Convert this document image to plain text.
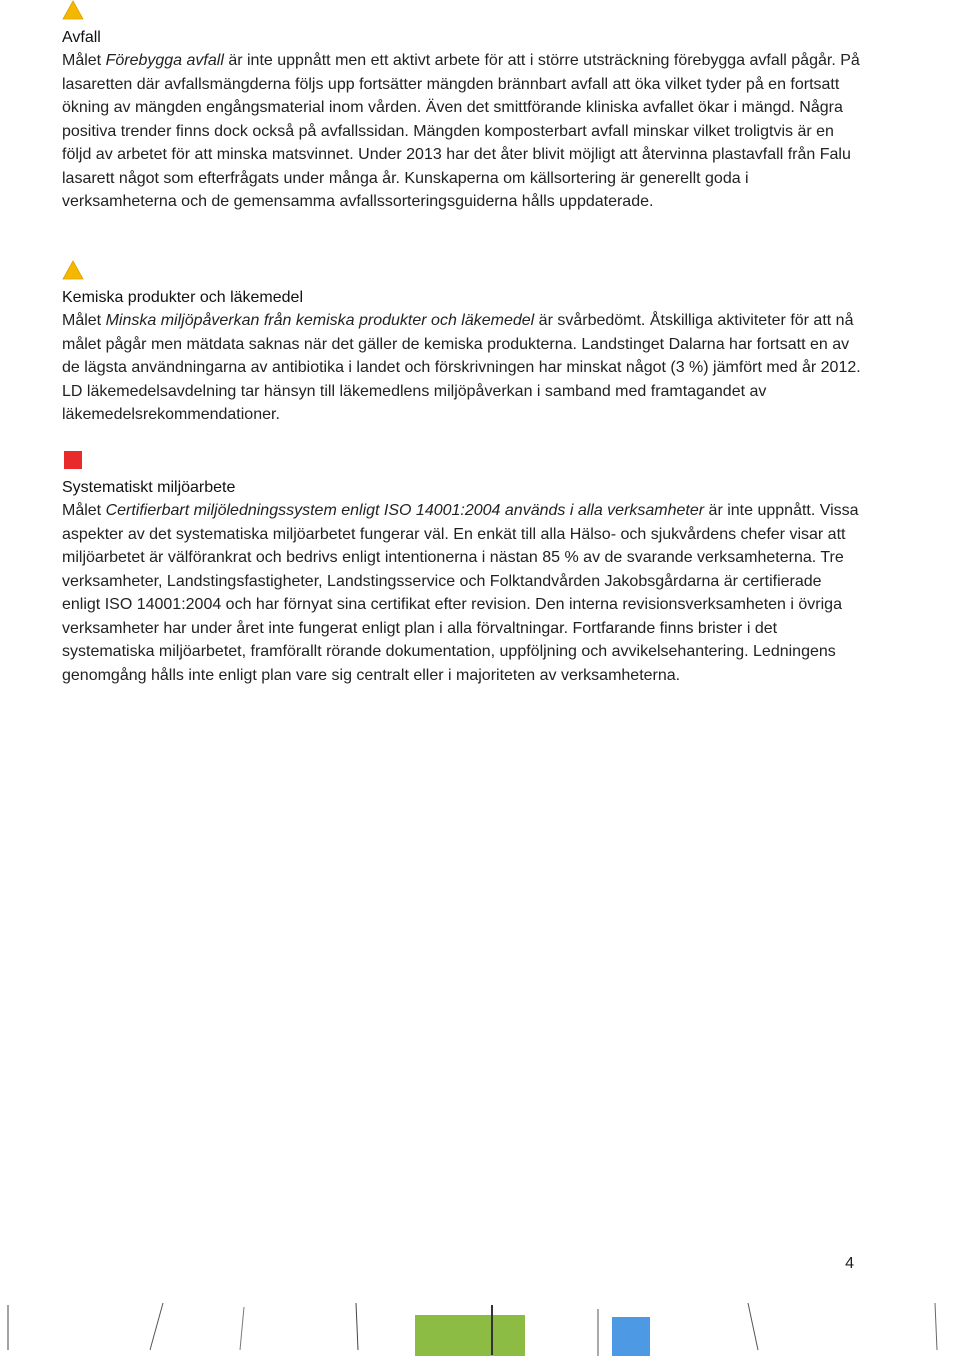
Avfall

Målet Förebygga avfall är inte uppnått men ett aktivt arbete för att i större utsträckning förebygga avfall pågår. På lasaretten där avfallsmängderna följs upp fortsätter mängden brännbart avfall att öka vilket tyder på en fortsatt ökning av mängden engångsmaterial inom vården. Även det smittförande kliniska avfallet ökar i mängd. Några positiva trender finns dock också på avfallssidan. Mängden komposterbart avfall minskar vilket troligtvis är en följd av arbetet för att minska matsvinnet. Under 2013 har det åter blivit möjligt att återvinna plastavfall från Falu lasarett något som efterfrågats under många år. Kunskaperna om källsortering är generellt goda i verksamheterna och de gemensamma avfallssorteringsguiderna hålls uppdaterade.

Kemiska produkter och läkemedel

Målet Minska miljöpåverkan från kemiska produkter och läkemedel är svårbedömt. Åtskilliga aktiviteter för att nå målet pågår men mätdata saknas när det gäller de kemiska produkterna. Landstinget Dalarna har fortsatt en av de lägsta användningarna av antibiotika i landet och förskrivningen har minskat något (3 %) jämfört med år 2012. LD läkemedelsavdelning tar hänsyn till läkemedlens miljöpåverkan i samband med framtagandet av läkemedelsrekommendationer.

Systematiskt miljöarbete

Målet Certifierbart miljöledningssystem enligt ISO 14001:2004 används i alla verksamheter är inte uppnått. Vissa aspekter av det systematiska miljöarbetet fungerar väl. En enkät till alla Hälso- och sjukvårdens chefer visar att miljöarbetet är välförankrat och bedrivs enligt intentionerna i nästan 85 % av de svarande verksamheterna. Tre verksamheter, Landstingsfastigheter, Landstingsservice och Folktandvården Jakobsgårdarna är certifierade enligt ISO 14001:2004 och har förnyat sina certifikat efter revision. Den interna revisionsverksamheten i övriga verksamheter har under året inte fungerat enligt plan i alla förvaltningar. Fortfarande finns brister i det systematiska miljöarbetet, framförallt rörande dokumentation, uppföljning och avvikelsehantering. Ledningens genomgång hålls inte enligt plan vare sig centralt eller i majoriteten av verksamheterna.

4
